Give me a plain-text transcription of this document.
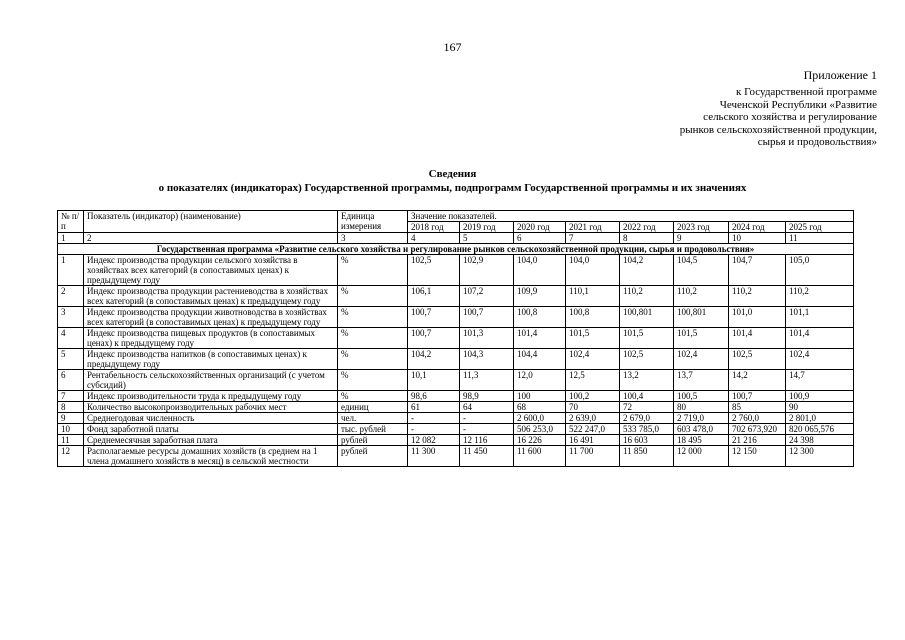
167
Приложение 1
к Государственной программе
Чеченской Республики «Развитие
сельского хозяйства и регулирование
рынков сельскохозяйственной продукции,
сырья и продовольствия»
Сведения
о показателях (индикаторах) Государственной программы, подпрограмм Государственной программы и их значениях
№ п/п	Показатель (индикатор) (наименование)	Единица измерения	Значение показателей.							
			2018 год	2019 год	2020 год	2021 год	2022 год	2023 год	2024 год	2025 год
1	2	3	4	5	6	7	8	9	10	11
Государственная программа «Развитие сельского хозяйства и регулирование рынков сельскохозяйственной продукции, сырья и продовольствия»										
1	Индекс производства продукции сельского хозяйства в хозяйствах всех категорий (в сопоставимых ценах) к предыдущему году	%	102,5	102,9	104,0	104,0	104,2	104,5	104,7	105,0
2	Индекс производства продукции растениеводства в хозяйствах всех категорий (в сопоставимых ценах) к предыдущему году	%	106,1	107,2	109,9	110,1	110,2	110,2	110,2	110,2
3	Индекс производства продукции животноводства в хозяйствах всех категорий (в сопоставимых ценах) к предыдущему году	%	100,7	100,7	100,8	100,8	100,801	100,801	101,0	101,1
4	Индекс производства пищевых продуктов (в сопоставимых ценах) к предыдущему году	%	100,7	101,3	101,4	101,5	101,5	101,5	101,4	101,4
5	Индекс производства напитков (в сопоставимых ценах) к предыдущему году	%	104,2	104,3	104,4	102,4	102,5	102,4	102,5	102,4
6	Рентабельность сельскохозяйственных организаций (с учетом субсидий)	%	10,1	11,3	12,0	12,5	13,2	13,7	14,2	14,7
7	Индекс производительности труда к предыдущему году	%	98,6	98,9	100	100,2	100,4	100,5	100,7	100,9
8	Количество высокопроизводительных рабочих мест	единиц	61	64	68	70	72	80	85	90
9	Среднегодовая численность	чел.	-	-	2 600,0	2 639,0	2 679,0	2 719,0	2 760,0	2 801,0
10	Фонд заработной платы	тыс. рублей	-	-	506 253,0	522 247,0	533 785,0	603 478,0	702 673,920	820 065,576
11	Среднемесячная заработная плата	рублей	12 082	12 116	16 226	16 491	16 603	18 495	21 216	24 398
12	Располагаемые ресурсы домашних хозяйств (в среднем на 1 члена домашнего хозяйств в месяц) в сельской местности	рублей	11 300	11 450	11 600	11 700	11 850	12 000	12 150	12 300
